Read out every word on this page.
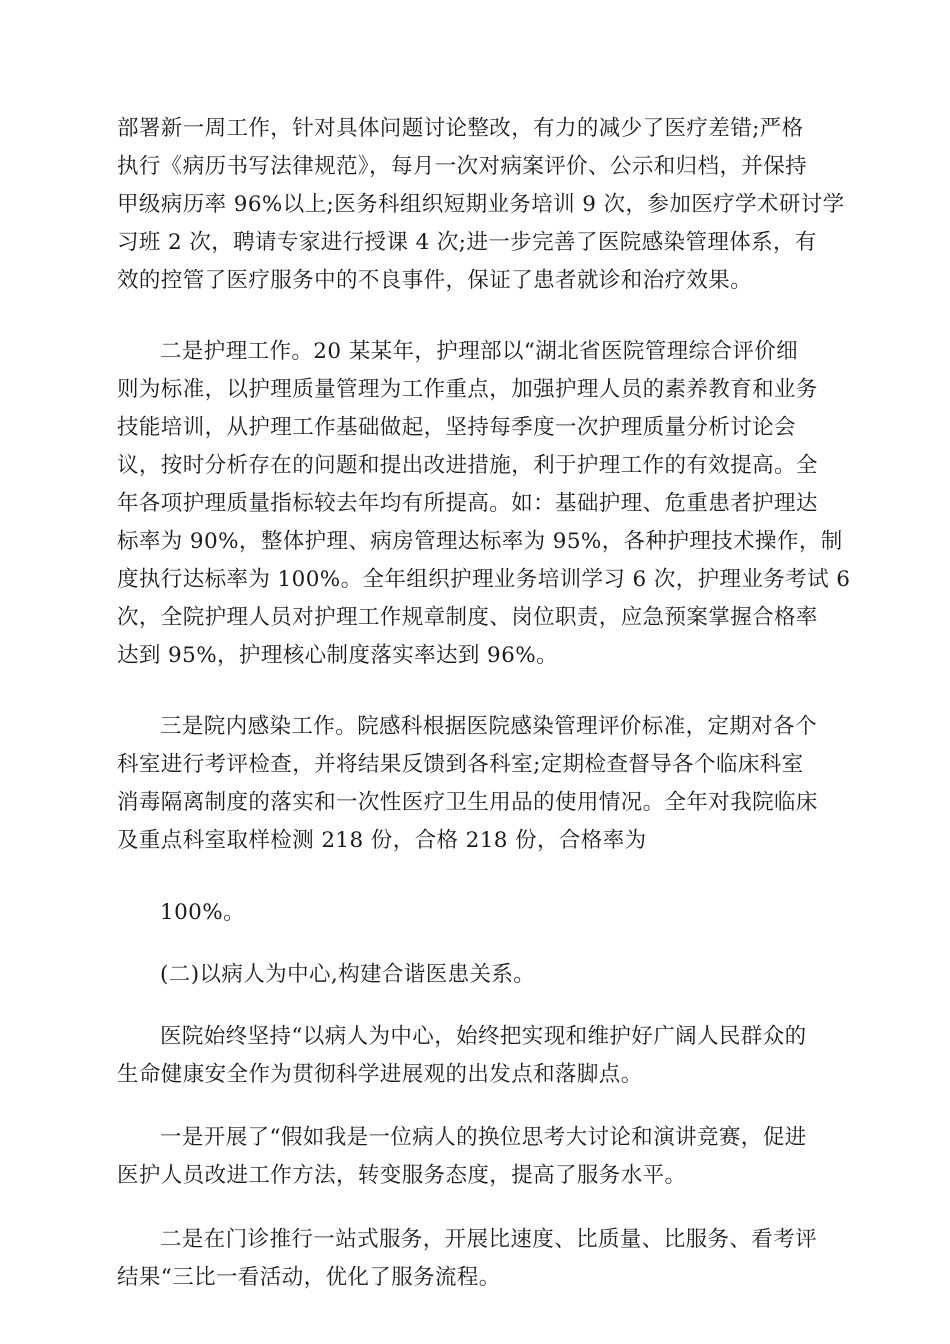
部署新一周工作，针对具体问题讨论整改，有力的减少了医疗差错;严格
执行《病历书写法律规范》，每月一次对病案评价、公示和归档，并保持
甲级病历率 96%以上;医务科组织短期业务培训 9 次，参加医疗学术研讨学
习班 2 次，聘请专家进行授课 4 次;进一步完善了医院感染管理体系，有
效的控管了医疗服务中的不良事件，保证了患者就诊和治疗效果。
二是护理工作。20 某某年，护理部以“湖北省医院管理综合评价细
则为标准，以护理质量管理为工作重点，加强护理人员的素养教育和业务
技能培训，从护理工作基础做起，坚持每季度一次护理质量分析讨论会
议，按时分析存在的问题和提出改进措施，利于护理工作的有效提高。全
年各项护理质量指标较去年均有所提高。如：基础护理、危重患者护理达
标率为 90%，整体护理、病房管理达标率为 95%，各种护理技术操作，制
度执行达标率为 100%。全年组织护理业务培训学习 6 次，护理业务考试 6
次，全院护理人员对护理工作规章制度、岗位职责，应急预案掌握合格率
达到 95%，护理核心制度落实率达到 96%。
三是院内感染工作。院感科根据医院感染管理评价标准，定期对各个
科室进行考评检查，并将结果反馈到各科室;定期检查督导各个临床科室
消毒隔离制度的落实和一次性医疗卫生用品的使用情况。全年对我院临床
及重点科室取样检测 218 份，合格 218 份，合格率为
100%。
(二)以病人为中心,构建合谐医患关系。
医院始终坚持“以病人为中心，始终把实现和维护好广阔人民群众的
生命健康安全作为贯彻科学进展观的出发点和落脚点。
一是开展了“假如我是一位病人的换位思考大讨论和演讲竞赛，促进
医护人员改进工作方法，转变服务态度，提高了服务水平。
二是在门诊推行一站式服务，开展比速度、比质量、比服务、看考评
结果“三比一看活动，优化了服务流程。
